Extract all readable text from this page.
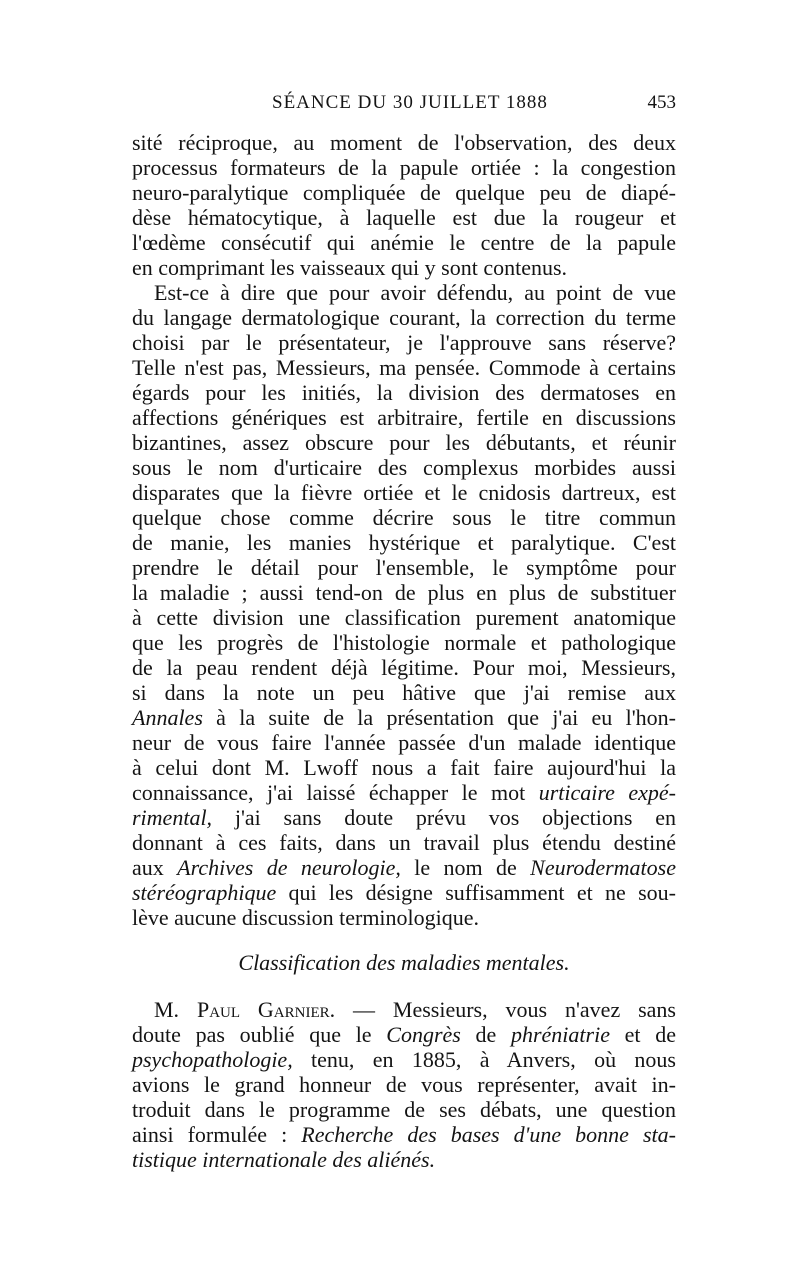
SÉANCE DU 30 JUILLET 1888	453
sité réciproque, au moment de l'observation, des deux
processus formateurs de la papule ortiée : la congestion
neuro-paralytique compliquée de quelque peu de diapé-
dèse hématocytique, à laquelle est due la rougeur et
l'œdème consécutif qui anémie le centre de la papule
en comprimant les vaisseaux qui y sont contenus.
Est-ce à dire que pour avoir défendu, au point de vue
du langage dermatologique courant, la correction du terme
choisi par le présentateur, je l'approuve sans réserve?
Telle n'est pas, Messieurs, ma pensée. Commode à certains
égards pour les initiés, la division des dermatoses en
affections génériques est arbitraire, fertile en discussions
bizantines, assez obscure pour les débutants, et réunir
sous le nom d'urticaire des complexus morbides aussi
disparates que la fièvre ortiée et le cnidosis dartreux, est
quelque chose comme décrire sous le titre commun
de manie, les manies hystérique et paralytique. C'est
prendre le détail pour l'ensemble, le symptôme pour
la maladie ; aussi tend-on de plus en plus de substituer
à cette division une classification purement anatomique
que les progrès de l'histologie normale et pathologique
de la peau rendent déjà légitime. Pour moi, Messieurs,
si dans la note un peu hâtive que j'ai remise aux
Annales à la suite de la présentation que j'ai eu l'hon-
neur de vous faire l'année passée d'un malade identique
à celui dont M. Lwoff nous a fait faire aujourd'hui la
connaissance, j'ai laissé échapper le mot urticaire expé-
rimental, j'ai sans doute prévu vos objections en
donnant à ces faits, dans un travail plus étendu destiné
aux Archives de neurologie, le nom de Neurodermatose
stéréographique qui les désigne suffisamment et ne sou-
lève aucune discussion terminologique.
Classification des maladies mentales.
M. Paul Garnier. — Messieurs, vous n'avez sans
doute pas oublié que le Congrès de phréniatrie et de
psychopathologie, tenu, en 1885, à Anvers, où nous
avions le grand honneur de vous représenter, avait in-
troduit dans le programme de ses débats, une question
ainsi formulée : Recherche des bases d'une bonne sta-
tistique internationale des aliénés.
